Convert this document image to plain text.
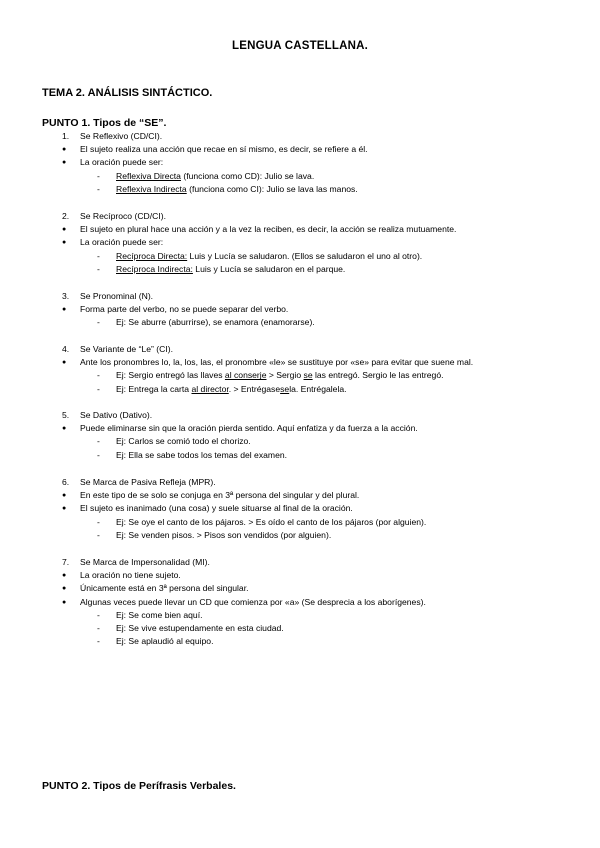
LENGUA CASTELLANA.
TEMA 2. ANÁLISIS SINTÁCTICO.
PUNTO 1. Tipos de “SE”.
1. Se Reflexivo (CD/CI).
● El sujeto realiza una acción que recae en sí mismo, es decir, se refiere a él.
● La oración puede ser:
- Reflexiva Directa (funciona como CD): Julio se lava.
- Reflexiva Indirecta (funciona como CI): Julio se lava las manos.
2. Se Recíproco (CD/CI).
● El sujeto en plural hace una acción y a la vez la reciben, es decir, la acción se realiza mutuamente.
● La oración puede ser:
- Recíproca Directa: Luis y Lucía se saludaron. (Ellos se saludaron el uno al otro).
- Recíproca Indirecta: Luis y Lucía se saludaron en el parque.
3. Se Pronominal (N).
● Forma parte del verbo, no se puede separar del verbo.
- Ej: Se aburre (aburrirse), se enamora (enamorarse).
4. Se Variante de “Le” (CI).
● Ante los pronombres lo, la, los, las, el pronombre «le» se sustituye por «se» para evitar que suene mal.
- Ej: Sergio entregó las llaves al conserje > Sergio se las entregó. Sergio le las entregó.
- Ej: Entrega la carta al director. > Entrégasesela. Entrégalela.
5. Se Dativo (Dativo).
● Puede eliminarse sin que la oración pierda sentido. Aquí enfatiza y da fuerza a la acción.
- Ej: Carlos se comió todo el chorizo.
- Ej: Ella se sabe todos los temas del examen.
6. Se Marca de Pasiva Refleja (MPR).
● En este tipo de se solo se conjuga en 3ª persona del singular y del plural.
● El sujeto es inanimado (una cosa) y suele situarse al final de la oración.
- Ej: Se oye el canto de los pájaros. > Es oído el canto de los pájaros (por alguien).
- Ej: Se venden pisos. > Pisos son vendidos (por alguien).
7. Se Marca de Impersonalidad (MI).
● La oración no tiene sujeto.
● Únicamente está en 3ª persona del singular.
● Algunas veces puede llevar un CD que comienza por «a» (Se desprecia a los aborígenes).
- Ej: Se come bien aquí.
- Ej: Se vive estupendamente en esta ciudad.
- Ej: Se aplaudió al equipo.
PUNTO 2. Tipos de Perífrasis Verbales.
